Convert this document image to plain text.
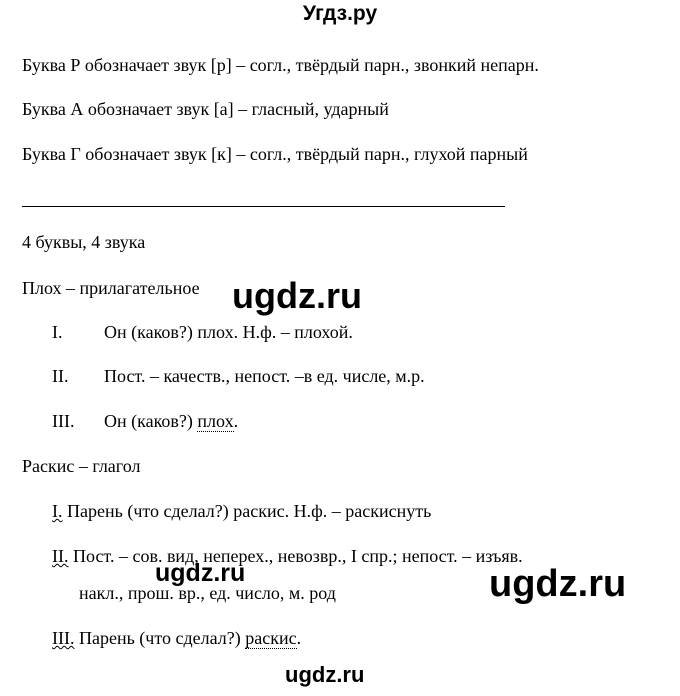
Угдз.ру
Буква Р обозначает звук [р] – согл., твёрдый парн., звонкий непарн.
Буква А обозначает звук [а] – гласный, ударный
Буква Г обозначает звук [к] – согл., твёрдый парн., глухой парный
4 буквы, 4 звука
Плох – прилагательное
I. Он (каков?) плох. Н.ф. – плохой.
II. Пост. – качеств., непост. –в ед. числе, м.р.
III. Он (каков?) плох.
Раскис – глагол
I. Парень (что сделал?) раскис. Н.ф. – раскиснуть
II. Пост. – сов. вид, неперех., невозвр., I спр.; непост. – изъяв.
накл., прош. вр., ед. число, м. род
III. Парень (что сделал?) раскис.
ugdz.ru
ugdz.ru	ugdz.ru
ugdz.ru
